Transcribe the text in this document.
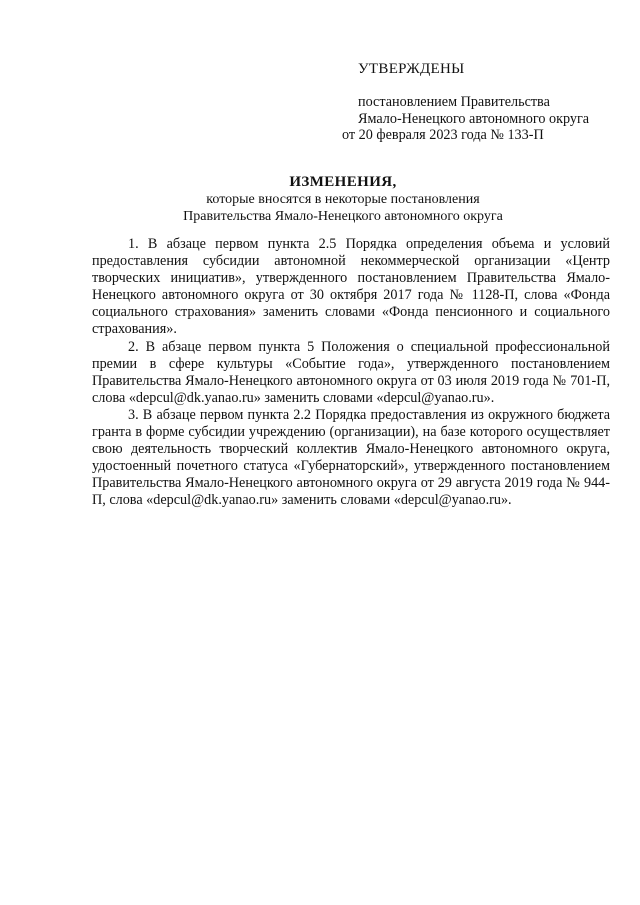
УТВЕРЖДЕНЫ
постановлением Правительства
Ямало-Ненецкого автономного округа
от 20 февраля 2023 года № 133-П
ИЗМЕНЕНИЯ,
которые вносятся в некоторые постановления
Правительства Ямало-Ненецкого автономного округа

1. В абзаце первом пункта 2.5 Порядка определения объема и условий предоставления субсидии автономной некоммерческой организации «Центр творческих инициатив», утвержденного постановлением Правительства Ямало-Ненецкого автономного округа от 30 октября 2017 года № 1128-П, слова «Фонда социального страхования» заменить словами «Фонда пенсионного и социального страхования».

2. В абзаце первом пункта 5 Положения о специальной профессиональной премии в сфере культуры «Событие года», утвержденного постановлением Правительства Ямало-Ненецкого автономного округа от 03 июля 2019 года № 701-П, слова «depcul@dk.yanao.ru» заменить словами «depcul@yanao.ru».

3. В абзаце первом пункта 2.2 Порядка предоставления из окружного бюджета гранта в форме субсидии учреждению (организации), на базе которого осуществляет свою деятельность творческий коллектив Ямало-Ненецкого автономного округа, удостоенный почетного статуса «Губернаторский», утвержденного постановлением Правительства Ямало-Ненецкого автономного округа от 29 августа 2019 года № 944-П, слова «depcul@dk.yanao.ru» заменить словами «depcul@yanao.ru».
